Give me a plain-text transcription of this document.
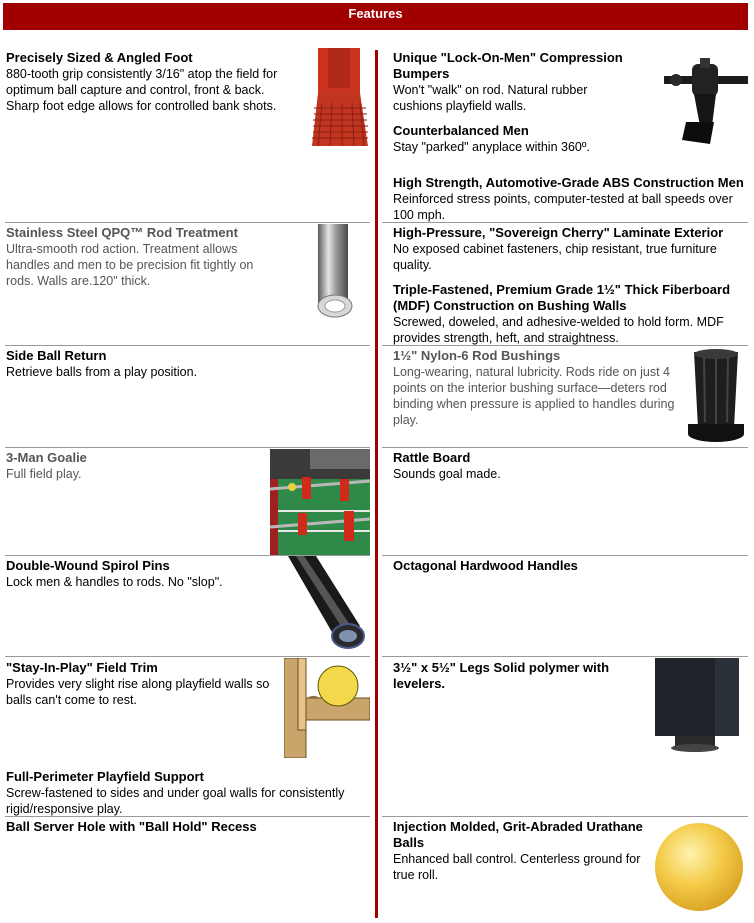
Features
Precisely Sized & Angled Foot
880-tooth grip consistently 3/16" atop the field for optimum ball capture and control, front & back. Sharp foot edge allows for controlled bank shots.
Stainless Steel QPQ™ Rod Treatment
Ultra-smooth rod action. Treatment allows handles and men to be precision fit tightly on rods. Walls are.120" thick.
Side Ball Return
Retrieve balls from a play position.
3-Man Goalie
Full field play.
Double-Wound Spirol Pins
Lock men & handles to rods. No "slop".
"Stay-In-Play" Field Trim
Provides very slight rise along playfield walls so balls can't come to rest.
Full-Perimeter Playfield Support
Screw-fastened to sides and under goal walls for consistently rigid/responsive play.
Ball Server Hole with "Ball Hold" Recess
Unique "Lock-On-Men" Compression Bumpers
Won't "walk" on rod. Natural rubber cushions playfield walls.
Counterbalanced Men
Stay "parked" anyplace within 360º.
High Strength, Automotive-Grade ABS Construction Men
Reinforced stress points, computer-tested at ball speeds over 100 mph.
High-Pressure, "Sovereign Cherry" Laminate Exterior
No exposed cabinet fasteners, chip resistant, true furniture quality.
Triple-Fastened, Premium Grade 1½" Thick Fiberboard (MDF) Construction on Bushing Walls
Screwed, doweled, and adhesive-welded to hold form. MDF provides strength, heft, and straightness.
1½" Nylon-6 Rod Bushings
Long-wearing, natural lubricity. Rods ride on just 4 points on the interior bushing surface—deters rod binding when pressure is applied to handles during play.
Rattle Board
Sounds goal made.
Octagonal Hardwood Handles
3½" x 5½" Legs Solid polymer with levelers.
Injection Molded, Grit-Abraded Urathane Balls
Enhanced ball control. Centerless ground for true roll.
